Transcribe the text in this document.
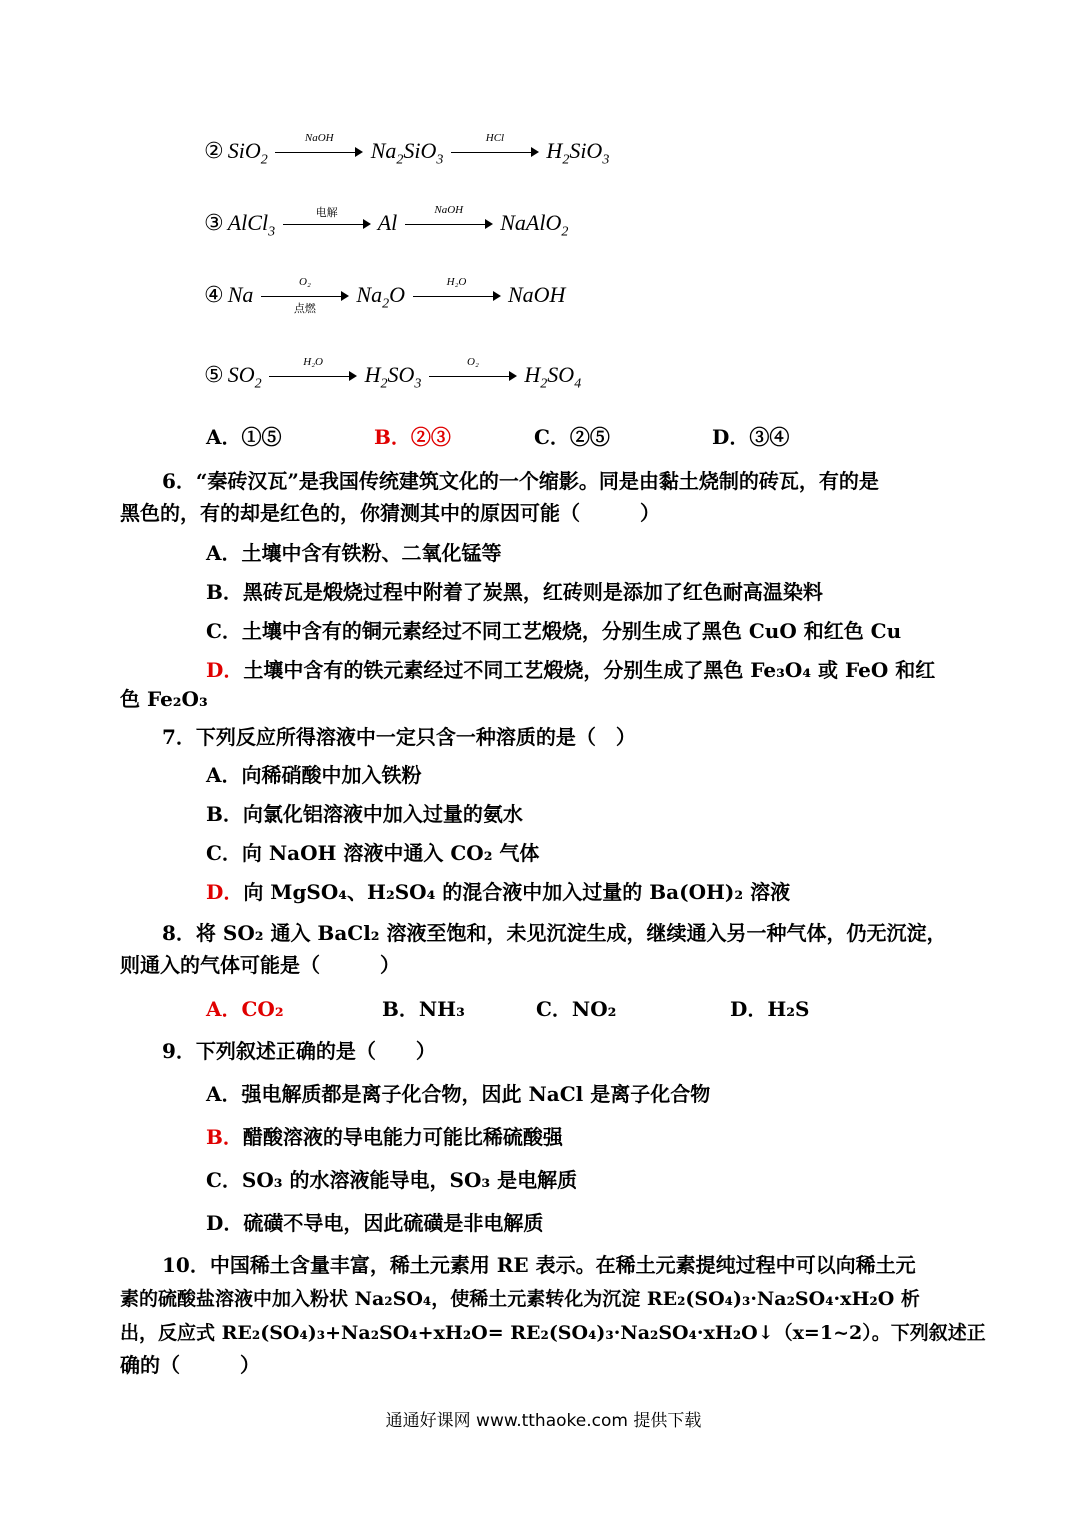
② SiO$_2$
NaOH
$Na_2SiO_3$
HCl
$H_2SiO_3$
③ AlCl$_3$
电解	Al
NaOH
NaAlO$_2$
④ Na
O₂
点燃
$Na_2O$
H₂O
NaOH
⑤ $SO_2$
H₂O
$H_2SO_3$
O₂
$H_2SO_4$
A．①⑤	B．②③	C．②⑤	D．③④
6．“秦砖汉瓦”是我国传统建筑文化的一个缩影。同是由黏土烧制的砖瓦，有的是
黑色的，有的却是红色的，你猜测其中的原因可能（　　　）
A．土壤中含有铁粉、二氧化锰等
B．黑砖瓦是煅烧过程中附着了炭黑，红砖则是添加了红色耐高温染料
C．土壤中含有的铜元素经过不同工艺煅烧，分别生成了黑色 CuO 和红色 Cu
D．土壤中含有的铁元素经过不同工艺煅烧，分别生成了黑色 Fe₃O₄ 或 FeO 和红
色 Fe₂O₃
7．下列反应所得溶液中一定只含一种溶质的是（　）
A．向稀硝酸中加入铁粉
B．向氯化铝溶液中加入过量的氨水
C．向 NaOH 溶液中通入 CO₂ 气体
D．向 MgSO₄、H₂SO₄ 的混合液中加入过量的 Ba(OH)₂ 溶液
8．将 SO₂ 通入 BaCl₂ 溶液至饱和，未见沉淀生成，继续通入另一种气体，仍无沉淀，
则通入的气体可能是（　　　）
A．CO₂	B．NH₃	C．NO₂	D．H₂S
9．下列叙述正确的是（　　）
A．强电解质都是离子化合物，因此 NaCl 是离子化合物
B．醋酸溶液的导电能力可能比稀硫酸强
C．SO₃ 的水溶液能导电，SO₃ 是电解质
D．硫磺不导电，因此硫磺是非电解质
10．中国稀土含量丰富，稀土元素用 RE 表示。在稀土元素提纯过程中可以向稀土元
素的硫酸盐溶液中加入粉状 Na₂SO₄，使稀土元素转化为沉淀 RE₂(SO₄)₃·Na₂SO₄·xH₂O 析
出，反应式 RE₂(SO₄)₃+Na₂SO₄+xH₂O= RE₂(SO₄)₃·Na₂SO₄·xH₂O↓（x=1~2）。下列叙述正
确的（　　　）
通通好课网 www.tthaoke.com 提供下载
